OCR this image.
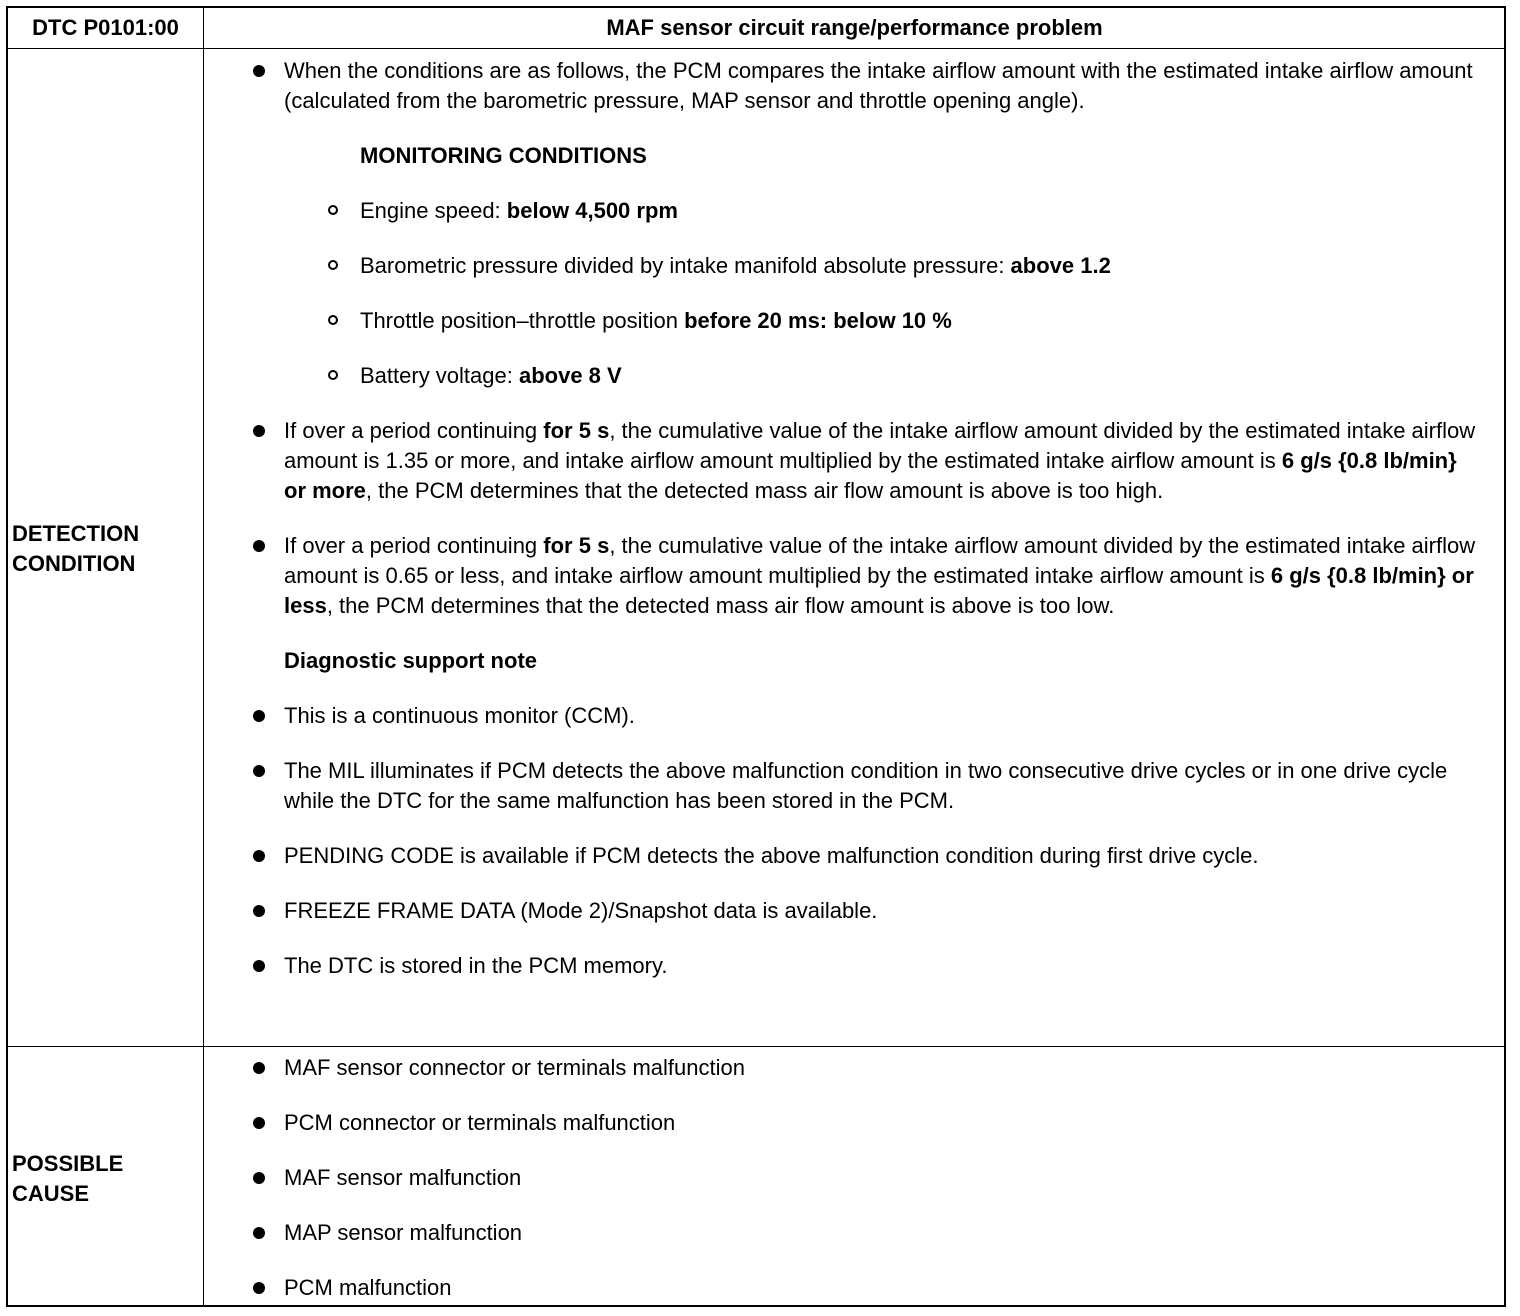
DTC P0101:00	MAF sensor circuit range/performance problem
DETECTION
CONDITION
When the conditions are as follows, the PCM compares the intake airflow amount with the estimated intake airflow amount (calculated from the barometric pressure, MAP sensor and throttle opening angle).
MONITORING CONDITIONS
Engine speed: below 4,500 rpm
Barometric pressure divided by intake manifold absolute pressure: above 1.2
Throttle position–throttle position before 20 ms: below 10 %
Battery voltage: above 8 V
If over a period continuing for 5 s, the cumulative value of the intake airflow amount divided by the estimated intake airflow amount is 1.35 or more, and intake airflow amount multiplied by the estimated intake airflow amount is 6 g/s {0.8 lb/min} or more, the PCM determines that the detected mass air flow amount is above is too high.
If over a period continuing for 5 s, the cumulative value of the intake airflow amount divided by the estimated intake airflow amount is 0.65 or less, and intake airflow amount multiplied by the estimated intake airflow amount is 6 g/s {0.8 lb/min} or less, the PCM determines that the detected mass air flow amount is above is too low.
Diagnostic support note
This is a continuous monitor (CCM).
The MIL illuminates if PCM detects the above malfunction condition in two consecutive drive cycles or in one drive cycle while the DTC for the same malfunction has been stored in the PCM.
PENDING CODE is available if PCM detects the above malfunction condition during first drive cycle.
FREEZE FRAME DATA (Mode 2)/Snapshot data is available.
The DTC is stored in the PCM memory.
POSSIBLE
CAUSE
MAF sensor connector or terminals malfunction
PCM connector or terminals malfunction
MAF sensor malfunction
MAP sensor malfunction
PCM malfunction
